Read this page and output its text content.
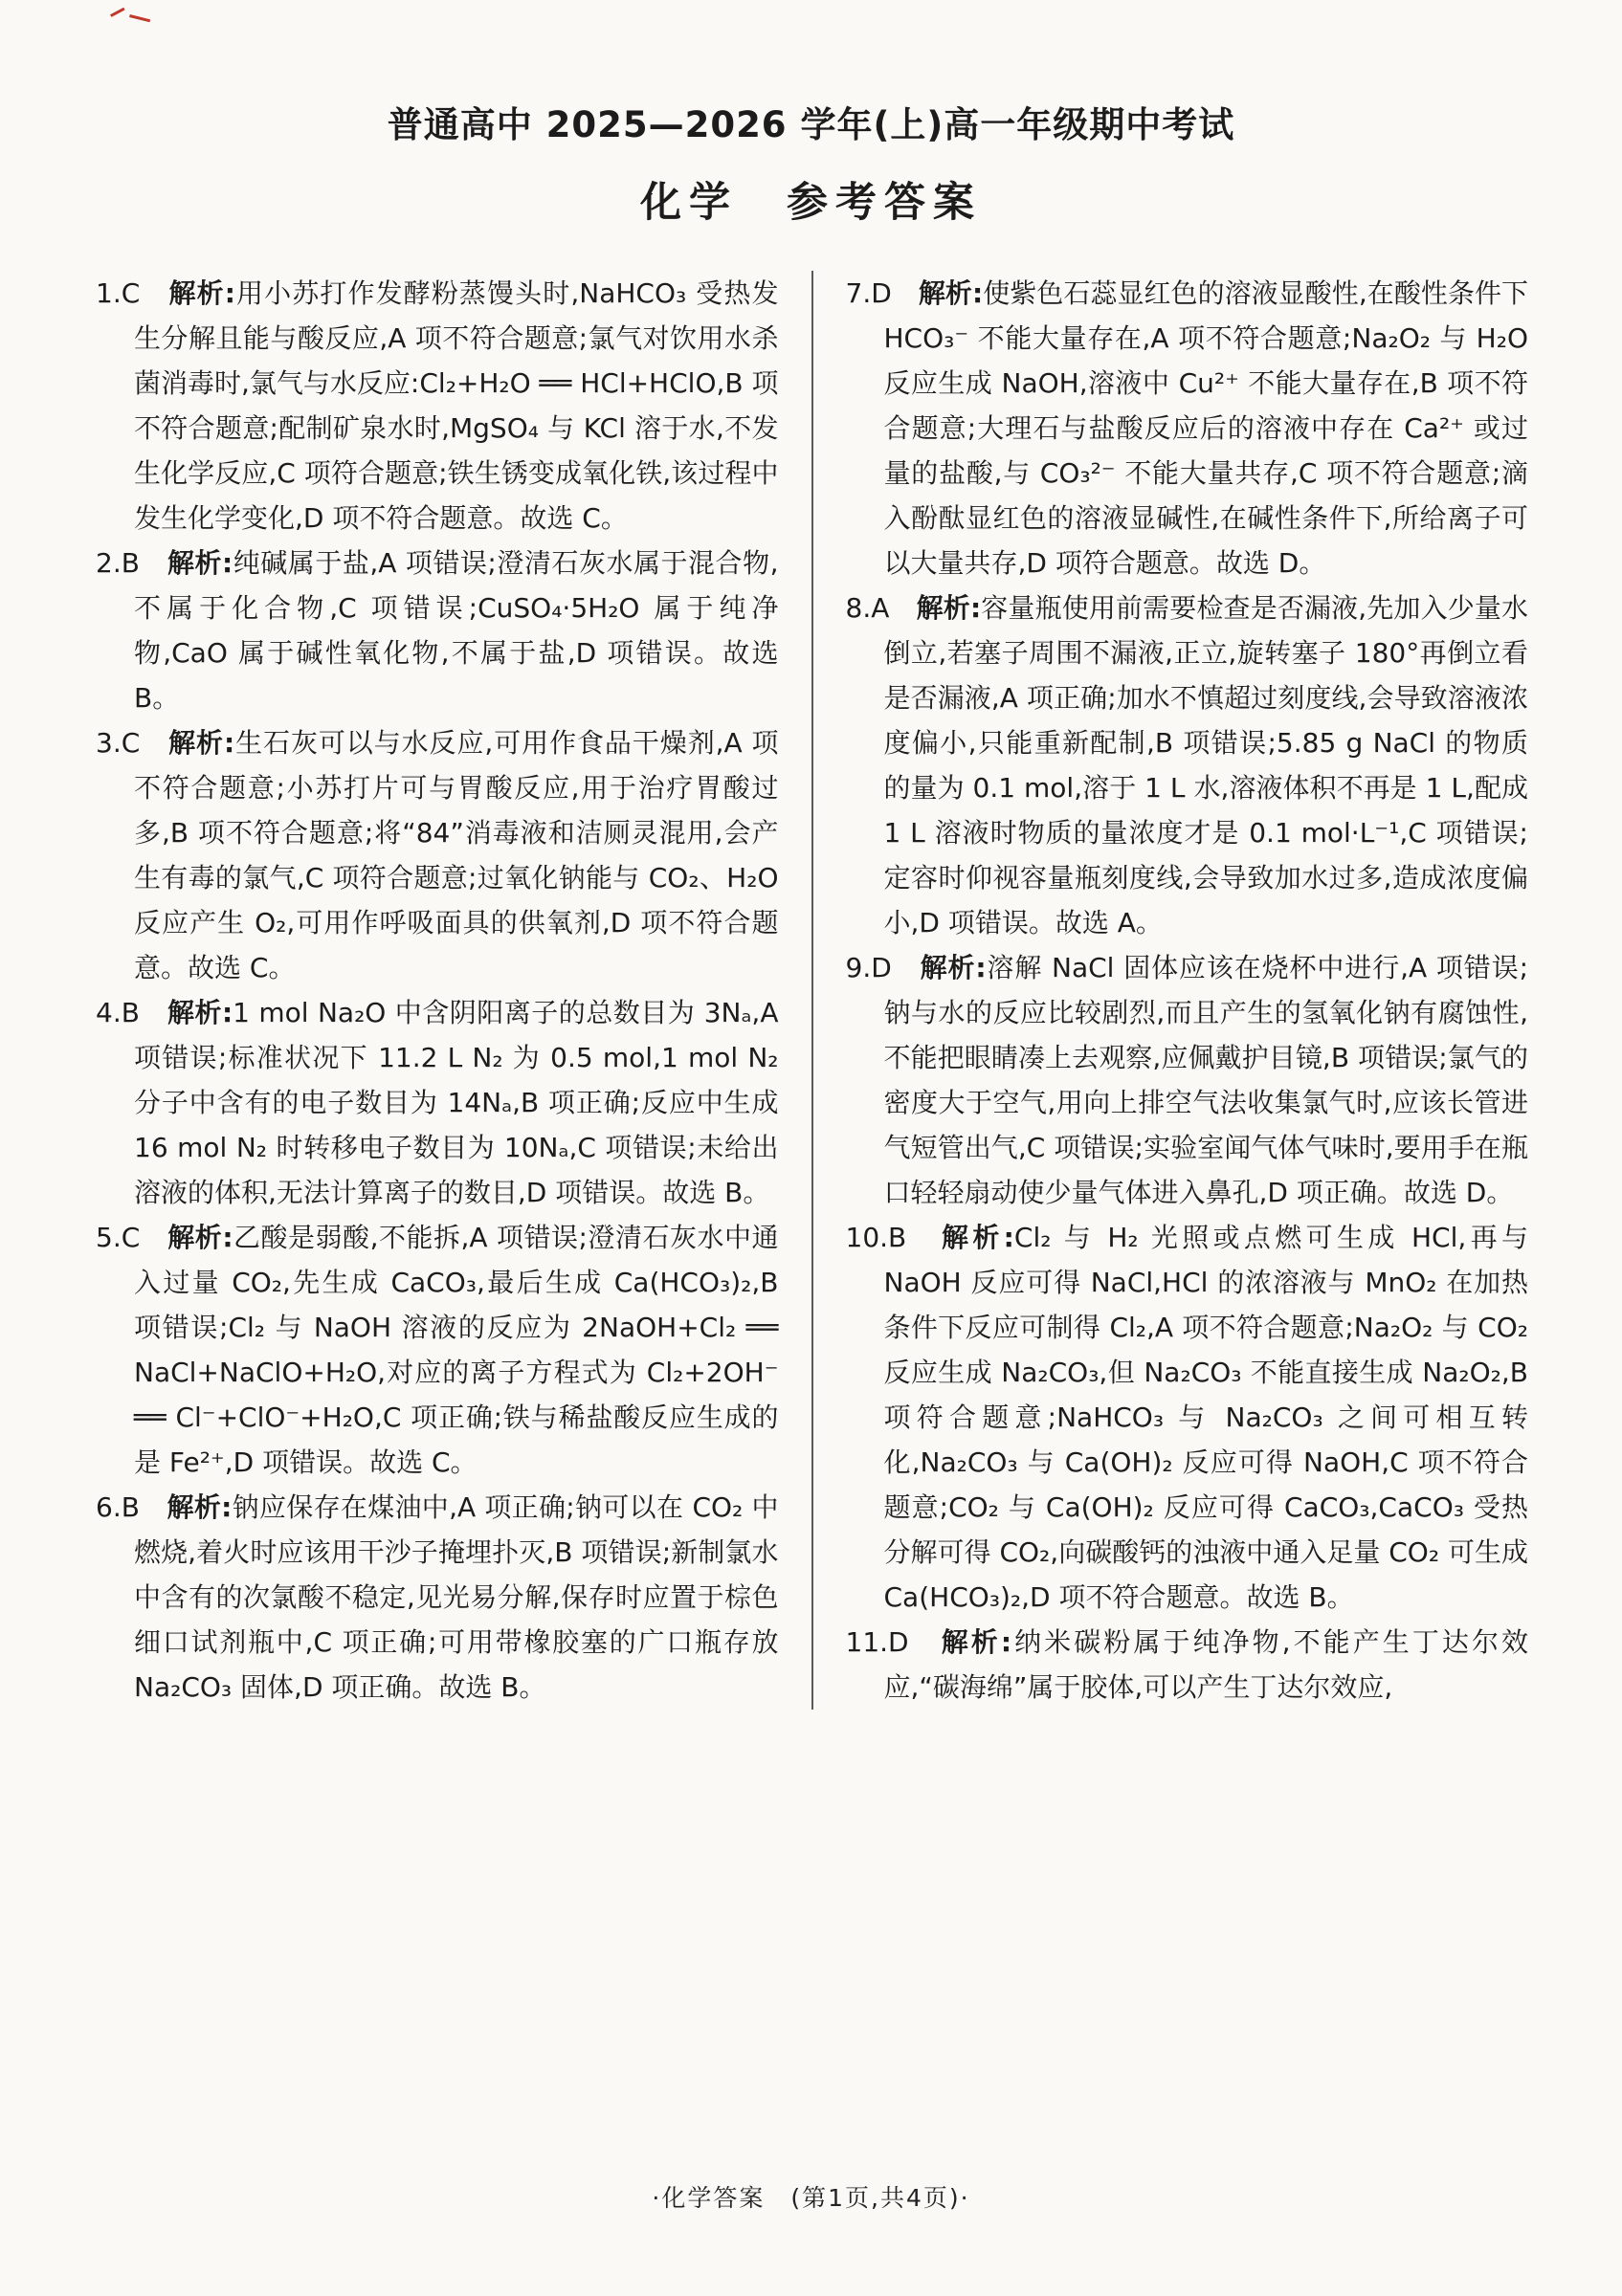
普通高中 2025—2026 学年(上)高一年级期中考试
化学　参考答案

1.C　解析:用小苏打作发酵粉蒸馒头时,NaHCO₃ 受热发生分解且能与酸反应,A 项不符合题意;氯气对饮用水杀菌消毒时,氯气与水反应:Cl₂+H₂O ══ HCl+HClO,B 项不符合题意;配制矿泉水时,MgSO₄ 与 KCl 溶于水,不发生化学反应,C 项符合题意;铁生锈变成氧化铁,该过程中发生化学变化,D 项不符合题意。故选 C。

2.B　解析:纯碱属于盐,A 项错误;澄清石灰水属于混合物,不属于化合物,C 项错误;CuSO₄·5H₂O 属于纯净物,CaO 属于碱性氧化物,不属于盐,D 项错误。故选 B。

3.C　解析:生石灰可以与水反应,可用作食品干燥剂,A 项不符合题意;小苏打片可与胃酸反应,用于治疗胃酸过多,B 项不符合题意;将“84”消毒液和洁厕灵混用,会产生有毒的氯气,C 项符合题意;过氧化钠能与 CO₂、H₂O 反应产生 O₂,可用作呼吸面具的供氧剂,D 项不符合题意。故选 C。

4.B　解析:1 mol Na₂O 中含阴阳离子的总数目为 3Nₐ,A 项错误;标准状况下 11.2 L N₂ 为 0.5 mol,1 mol N₂ 分子中含有的电子数目为 14Nₐ,B 项正确;反应中生成 16 mol N₂ 时转移电子数目为 10Nₐ,C 项错误;未给出溶液的体积,无法计算离子的数目,D 项错误。故选 B。

5.C　解析:乙酸是弱酸,不能拆,A 项错误;澄清石灰水中通入过量 CO₂,先生成 CaCO₃,最后生成 Ca(HCO₃)₂,B 项错误;Cl₂ 与 NaOH 溶液的反应为 2NaOH+Cl₂ ══ NaCl+NaClO+H₂O,对应的离子方程式为 Cl₂+2OH⁻ ══ Cl⁻+ClO⁻+H₂O,C 项正确;铁与稀盐酸反应生成的是 Fe²⁺,D 项错误。故选 C。

6.B　解析:钠应保存在煤油中,A 项正确;钠可以在 CO₂ 中燃烧,着火时应该用干沙子掩埋扑灭,B 项错误;新制氯水中含有的次氯酸不稳定,见光易分解,保存时应置于棕色细口试剂瓶中,C 项正确;可用带橡胶塞的广口瓶存放 Na₂CO₃ 固体,D 项正确。故选 B。

7.D　解析:使紫色石蕊显红色的溶液显酸性,在酸性条件下 HCO₃⁻ 不能大量存在,A 项不符合题意;Na₂O₂ 与 H₂O 反应生成 NaOH,溶液中 Cu²⁺ 不能大量存在,B 项不符合题意;大理石与盐酸反应后的溶液中存在 Ca²⁺ 或过量的盐酸,与 CO₃²⁻ 不能大量共存,C 项不符合题意;滴入酚酞显红色的溶液显碱性,在碱性条件下,所给离子可以大量共存,D 项符合题意。故选 D。

8.A　解析:容量瓶使用前需要检查是否漏液,先加入少量水倒立,若塞子周围不漏液,正立,旋转塞子 180°再倒立看是否漏液,A 项正确;加水不慎超过刻度线,会导致溶液浓度偏小,只能重新配制,B 项错误;5.85 g NaCl 的物质的量为 0.1 mol,溶于 1 L 水,溶液体积不再是 1 L,配成 1 L 溶液时物质的量浓度才是 0.1 mol·L⁻¹,C 项错误;定容时仰视容量瓶刻度线,会导致加水过多,造成浓度偏小,D 项错误。故选 A。

9.D　解析:溶解 NaCl 固体应该在烧杯中进行,A 项错误;钠与水的反应比较剧烈,而且产生的氢氧化钠有腐蚀性,不能把眼睛凑上去观察,应佩戴护目镜,B 项错误;氯气的密度大于空气,用向上排空气法收集氯气时,应该长管进气短管出气,C 项错误;实验室闻气体气味时,要用手在瓶口轻轻扇动使少量气体进入鼻孔,D 项正确。故选 D。

10.B　解析:Cl₂ 与 H₂ 光照或点燃可生成 HCl,再与 NaOH 反应可得 NaCl,HCl 的浓溶液与 MnO₂ 在加热条件下反应可制得 Cl₂,A 项不符合题意;Na₂O₂ 与 CO₂ 反应生成 Na₂CO₃,但 Na₂CO₃ 不能直接生成 Na₂O₂,B 项符合题意;NaHCO₃ 与 Na₂CO₃ 之间可相互转化,Na₂CO₃ 与 Ca(OH)₂ 反应可得 NaOH,C 项不符合题意;CO₂ 与 Ca(OH)₂ 反应可得 CaCO₃,CaCO₃ 受热分解可得 CO₂,向碳酸钙的浊液中通入足量 CO₂ 可生成 Ca(HCO₃)₂,D 项不符合题意。故选 B。

11.D　解析:纳米碳粉属于纯净物,不能产生丁达尔效应,“碳海绵”属于胶体,可以产生丁达尔效应,

·化学答案　(第1页,共4页)·
